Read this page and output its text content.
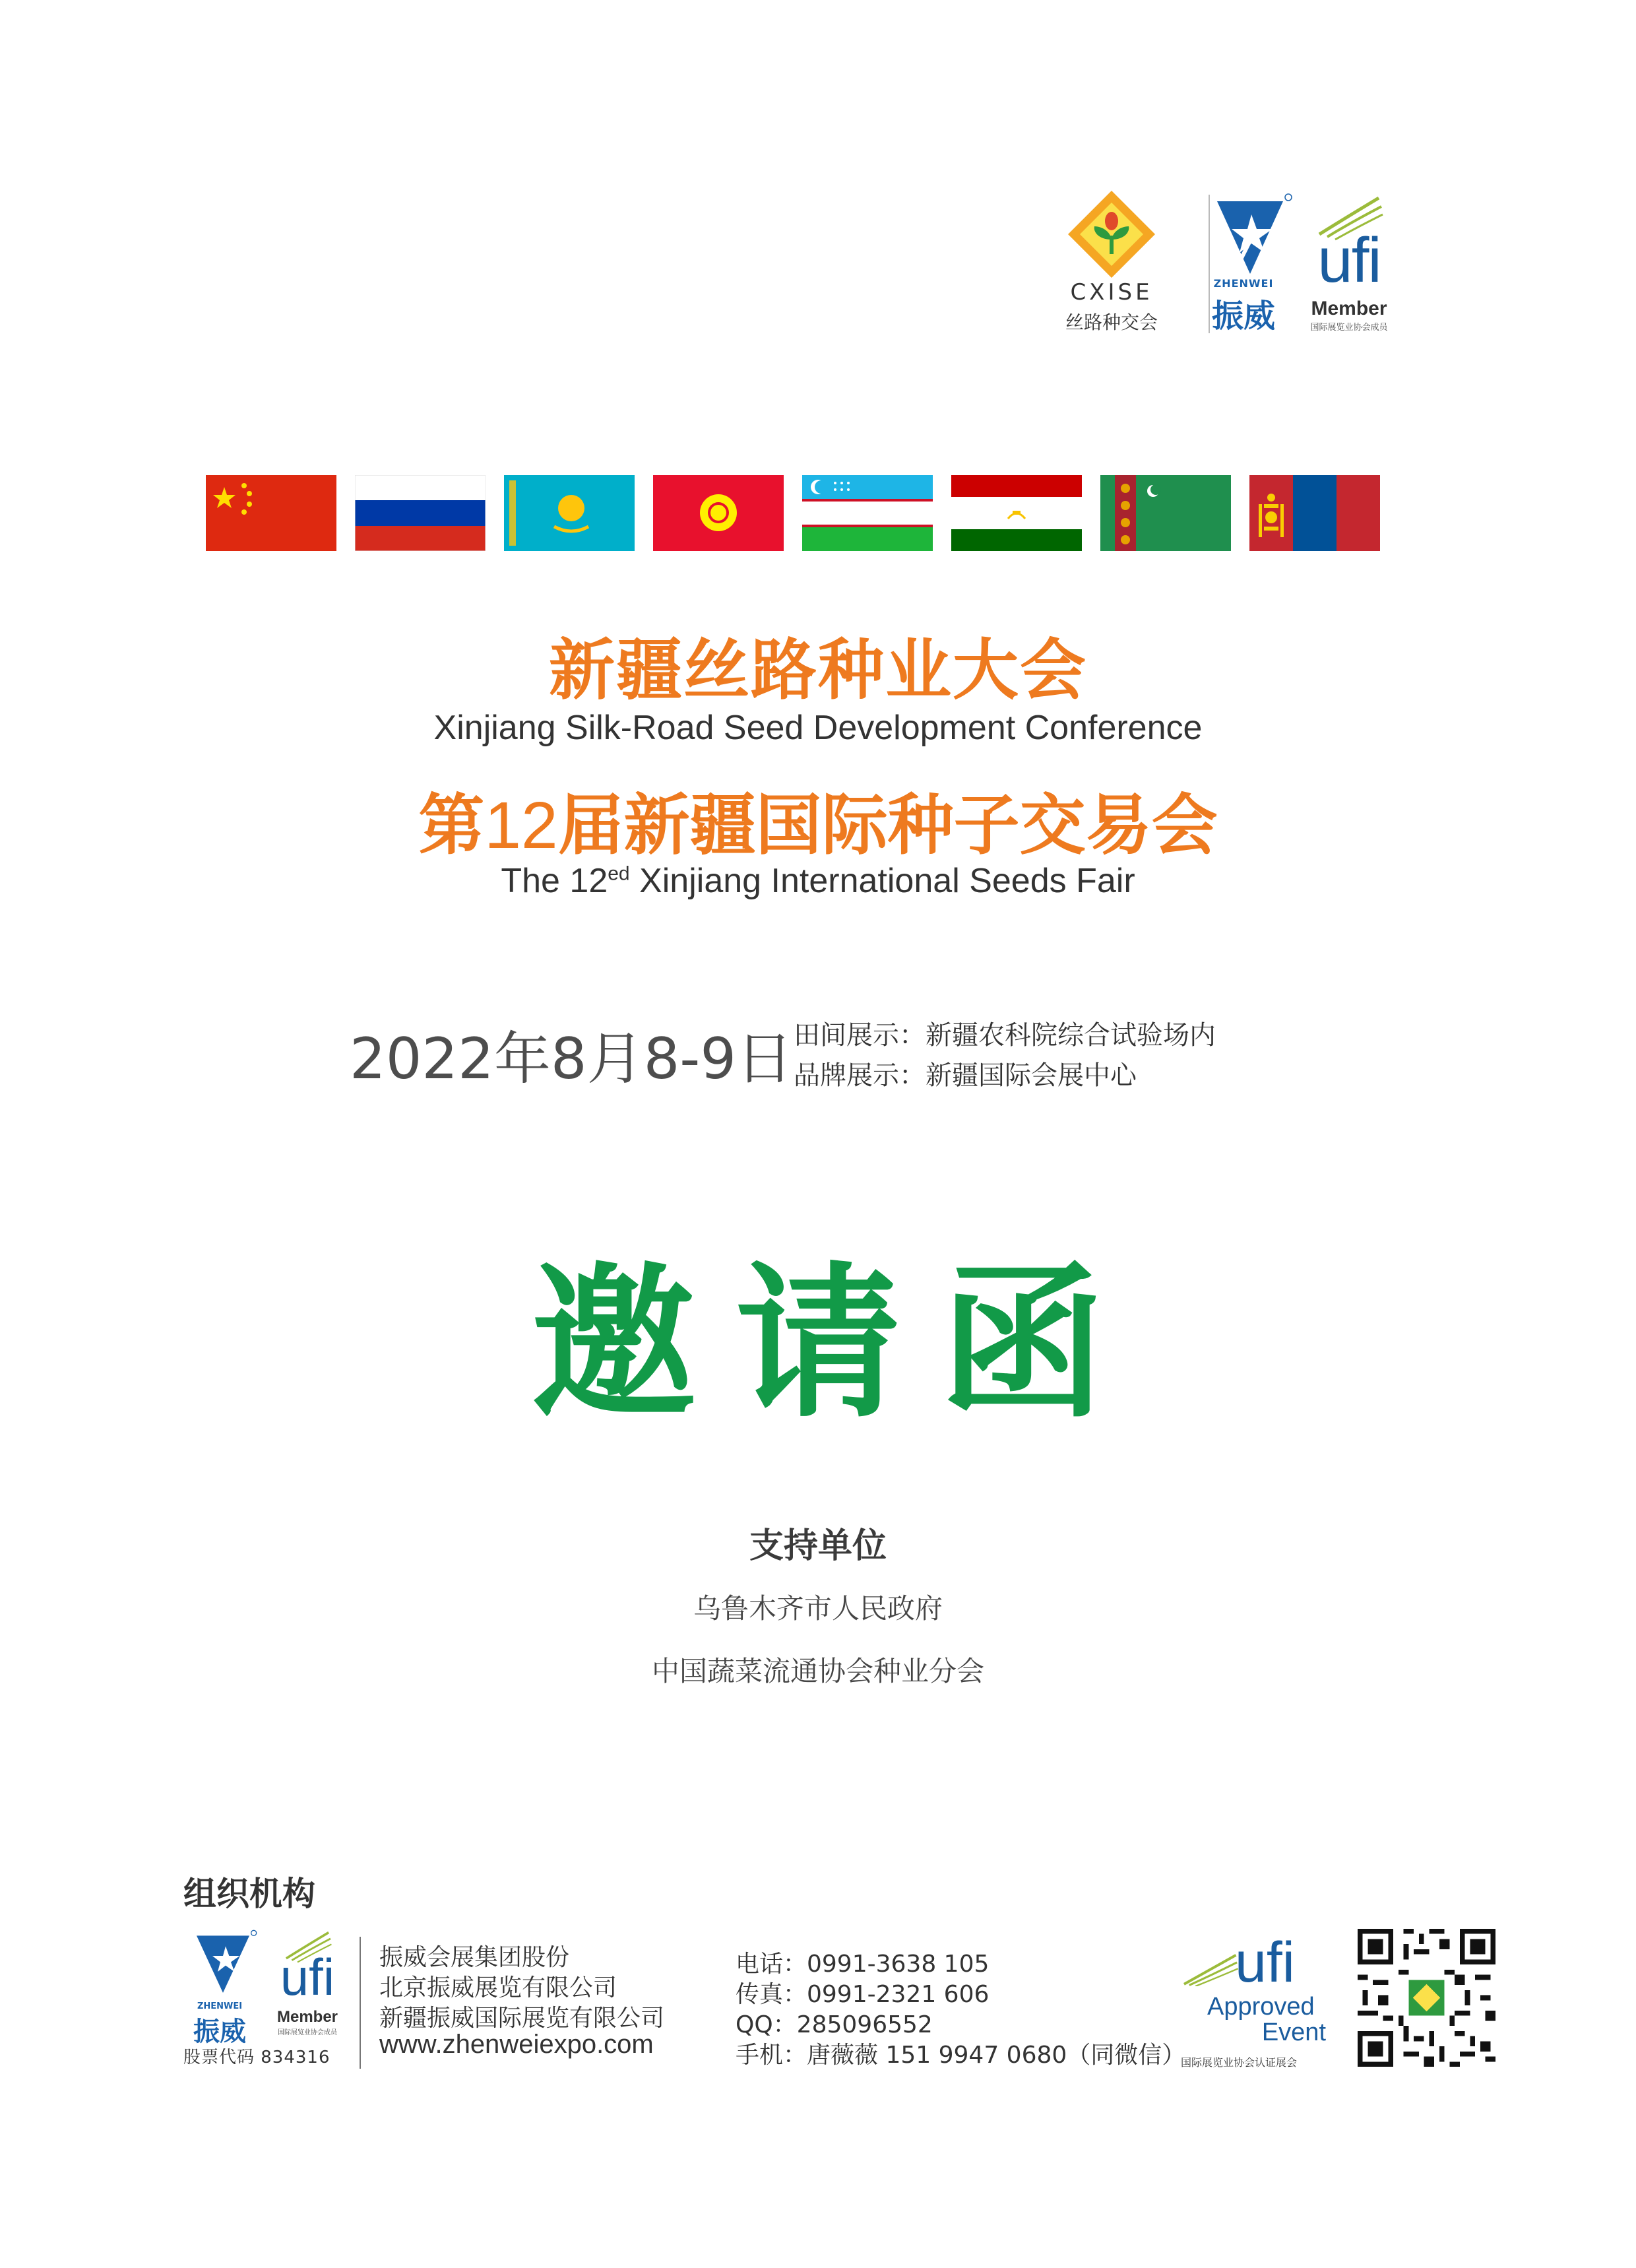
CXISE
丝路种交会
ZHENWEI
振威
ufi
Member
国际展览业协会成员
新疆丝路种业大会
Xinjiang Silk-Road Seed Development Conference
第12届新疆国际种子交易会
The $12^{ed}$ Xinjiang International Seeds Fair
2022年8月8-9日 田间展示：新疆农科院综合试验场内
品牌展示：新疆国际会展中心
邀请函
支持单位
乌鲁木齐市人民政府
中国蔬菜流通协会种业分会
组织机构
ZHENWEI
振威
ufi
Member
国际展览业协会成员
股票代码 834316
振威会展集团股份
北京振威展览有限公司
新疆振威国际展览有限公司
www.zhenweiexpo.com
电话：0991-3638 105
传真：0991-2321 606
QQ：285096552
手机：唐薇薇 151 9947 0680（同微信）
ufi
Approved
Event
国际展览业协会认证展会
